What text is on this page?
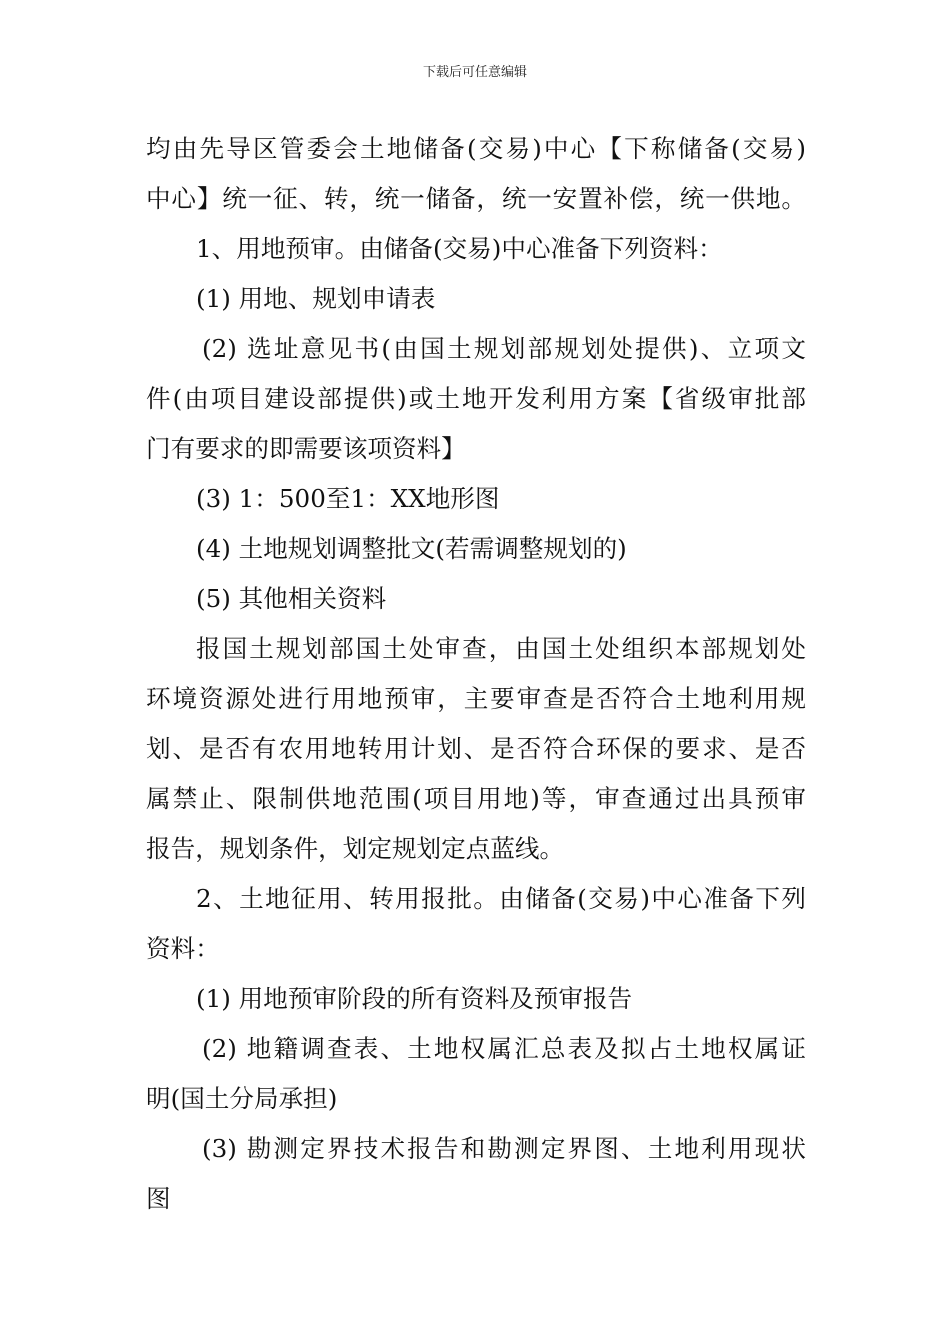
下载后可任意编辑
均由先导区管委会土地储备(交易)中心【下称储备(交易)
中心】统一征、转，统一储备，统一安置补偿，统一供地。
1、用地预审。由储备(交易)中心准备下列资料：
(1) 用地、规划申请表
(2) 选址意见书(由国土规划部规划处提供)、立项文
件(由项目建设部提供)或土地开发利用方案【省级审批部
门有要求的即需要该项资料】
(3) 1：500至1：XX地形图
(4) 土地规划调整批文(若需调整规划的)
(5) 其他相关资料
报国土规划部国土处审查，由国土处组织本部规划处
环境资源处进行用地预审，主要审查是否符合土地利用规
划、是否有农用地转用计划、是否符合环保的要求、是否
属禁止、限制供地范围(项目用地)等，审查通过出具预审
报告，规划条件，划定规划定点蓝线。
2、土地征用、转用报批。由储备(交易)中心准备下列
资料：
(1) 用地预审阶段的所有资料及预审报告
(2) 地籍调查表、土地权属汇总表及拟占土地权属证
明(国土分局承担)
(3) 勘测定界技术报告和勘测定界图、土地利用现状
图
